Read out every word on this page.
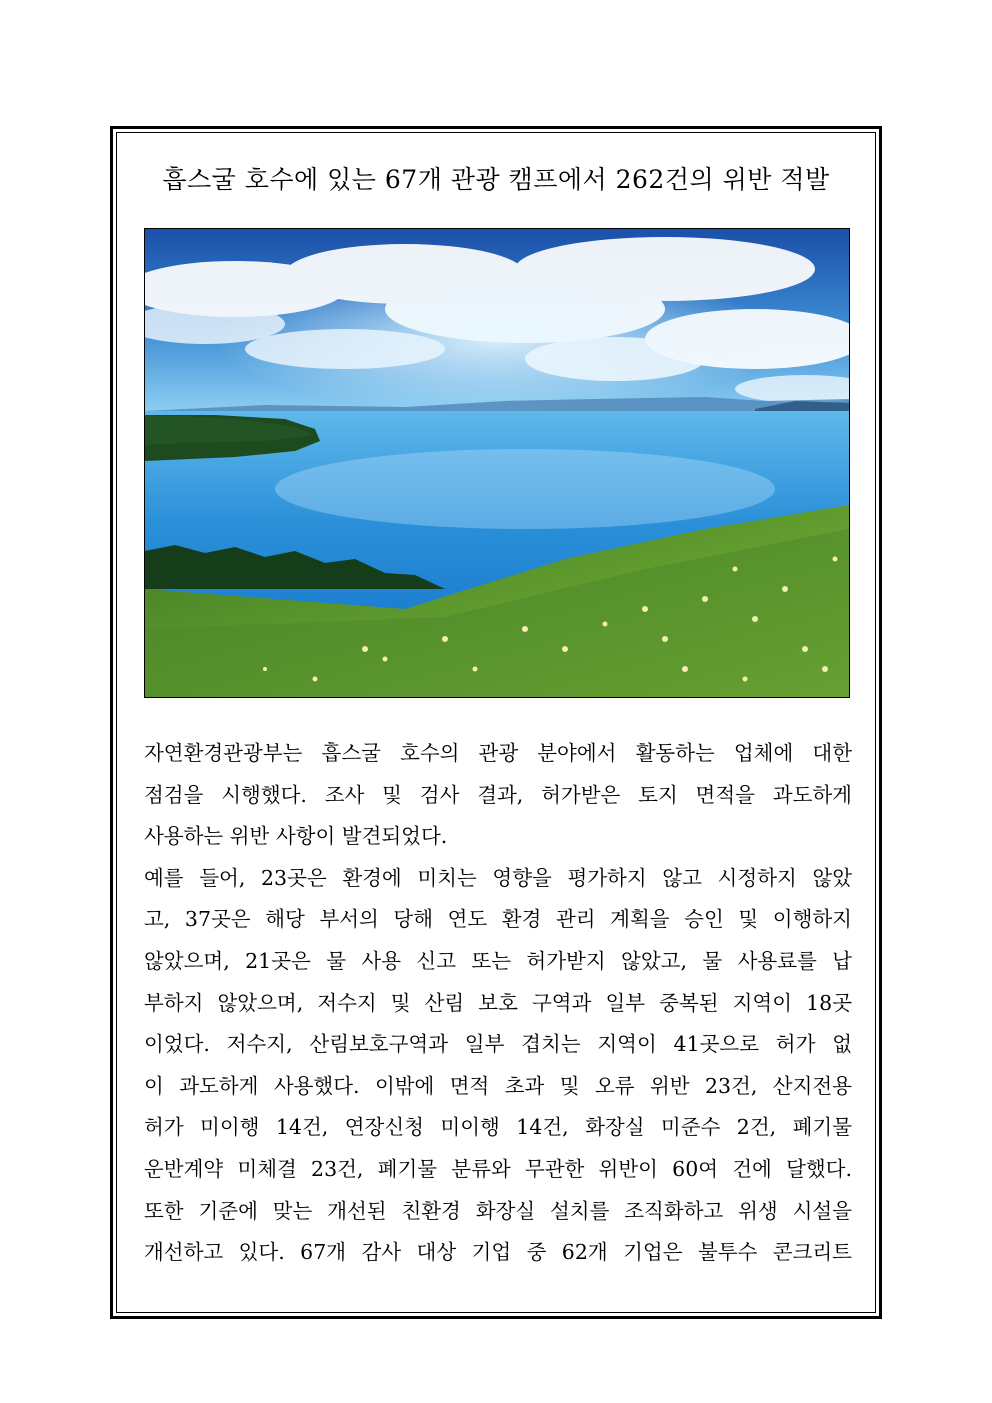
흡스굴 호수에 있는 67개 관광 캠프에서 262건의 위반 적발
자연환경관광부는 흡스굴 호수의 관광 분야에서 활동하는 업체에 대한
점검을 시행했다. 조사 및 검사 결과, 허가받은 토지 면적을 과도하게
사용하는 위반 사항이 발견되었다.
예를 들어, 23곳은 환경에 미치는 영향을 평가하지 않고 시정하지 않았
고, 37곳은 해당 부서의 당해 연도 환경 관리 계획을 승인 및 이행하지
않았으며, 21곳은 물 사용 신고 또는 허가받지 않았고, 물 사용료를 납
부하지 않았으며, 저수지 및 산림 보호 구역과 일부 중복된 지역이 18곳
이었다. 저수지, 산림보호구역과 일부 겹치는 지역이 41곳으로 허가 없
이 과도하게 사용했다. 이밖에 면적 초과 및 오류 위반 23건, 산지전용
허가 미이행 14건, 연장신청 미이행 14건, 화장실 미준수 2건, 폐기물
운반계약 미체결 23건, 폐기물 분류와 무관한 위반이 60여 건에 달했다.
또한 기준에 맞는 개선된 친환경 화장실 설치를 조직화하고 위생 시설을
개선하고 있다. 67개 감사 대상 기업 중 62개 기업은 불투수 콘크리트
